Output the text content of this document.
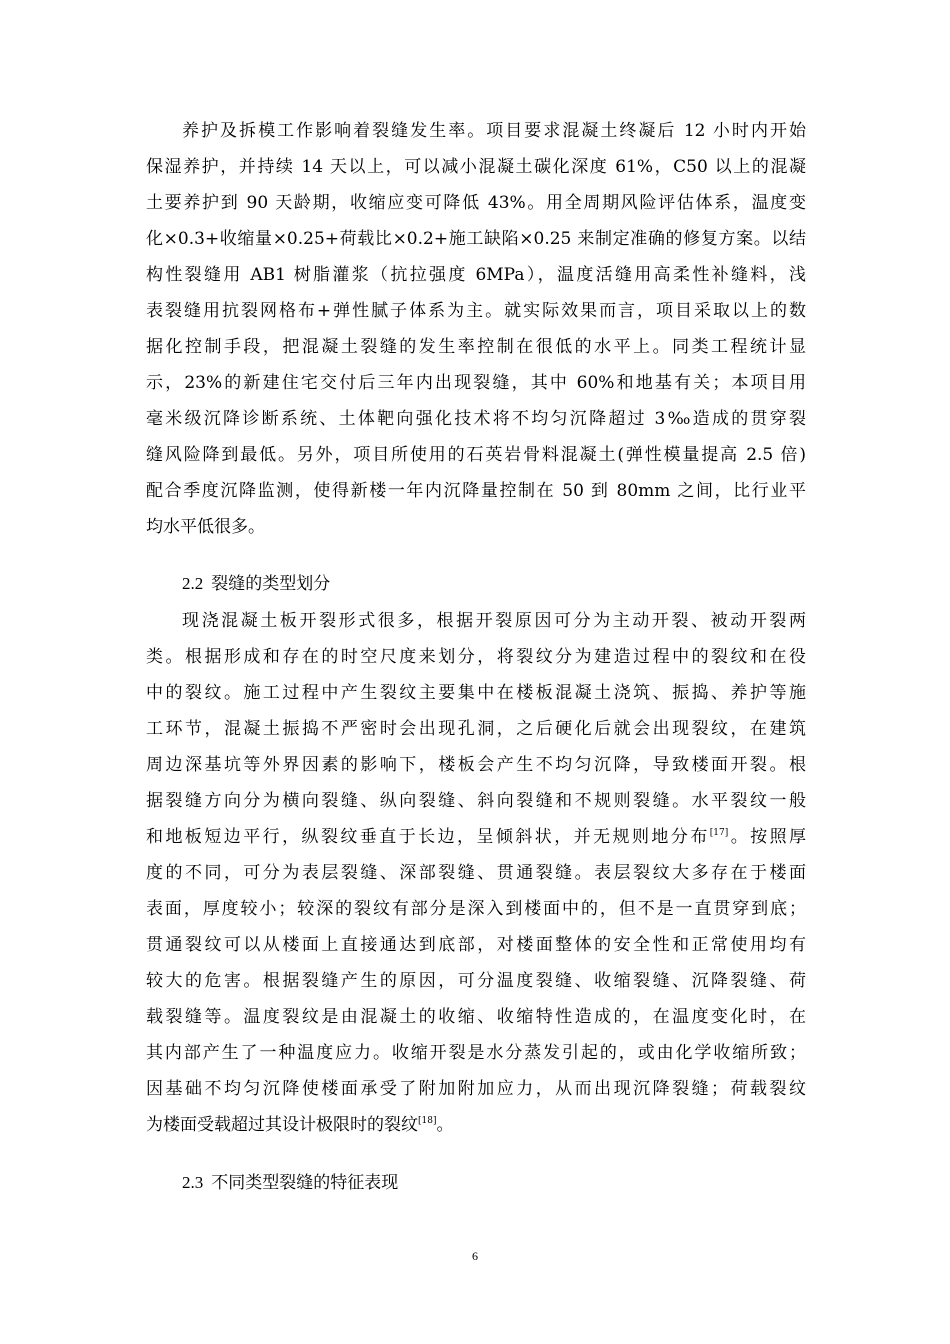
养护及拆模工作影响着裂缝发生率。项目要求混凝土终凝后 12 小时内开始
保湿养护，并持续 14 天以上，可以减小混凝土碳化深度 61%，C50 以上的混凝
土要养护到 90 天龄期，收缩应变可降低 43%。用全周期风险评估体系，温度变
化×0.3+收缩量×0.25+荷载比×0.2+施工缺陷×0.25 来制定准确的修复方案。以结
构性裂缝用 AB1 树脂灌浆（抗拉强度 6MPa），温度活缝用高柔性补缝料，浅
表裂缝用抗裂网格布+弹性腻子体系为主。就实际效果而言，项目采取以上的数
据化控制手段，把混凝土裂缝的发生率控制在很低的水平上。同类工程统计显
示，23%的新建住宅交付后三年内出现裂缝，其中 60%和地基有关；本项目用
毫米级沉降诊断系统、土体靶向强化技术将不均匀沉降超过 3‰造成的贯穿裂
缝风险降到最低。另外，项目所使用的石英岩骨料混凝土(弹性模量提高 2.5 倍)
配合季度沉降监测，使得新楼一年内沉降量控制在 50 到 80mm 之间，比行业平
均水平低很多。
2.2 裂缝的类型划分
现浇混凝土板开裂形式很多，根据开裂原因可分为主动开裂、被动开裂两
类。根据形成和存在的时空尺度来划分，将裂纹分为建造过程中的裂纹和在役
中的裂纹。施工过程中产生裂纹主要集中在楼板混凝土浇筑、振捣、养护等施
工环节，混凝土振捣不严密时会出现孔洞，之后硬化后就会出现裂纹，在建筑
周边深基坑等外界因素的影响下，楼板会产生不均匀沉降，导致楼面开裂。根
据裂缝方向分为横向裂缝、纵向裂缝、斜向裂缝和不规则裂缝。水平裂纹一般
和地板短边平行，纵裂纹垂直于长边，呈倾斜状，并无规则地分布[17]。按照厚
度的不同，可分为表层裂缝、深部裂缝、贯通裂缝。表层裂纹大多存在于楼面
表面，厚度较小；较深的裂纹有部分是深入到楼面中的，但不是一直贯穿到底；
贯通裂纹可以从楼面上直接通达到底部，对楼面整体的安全性和正常使用均有
较大的危害。根据裂缝产生的原因，可分温度裂缝、收缩裂缝、沉降裂缝、荷
载裂缝等。温度裂纹是由混凝土的收缩、收缩特性造成的，在温度变化时，在
其内部产生了一种温度应力。收缩开裂是水分蒸发引起的，或由化学收缩所致；
因基础不均匀沉降使楼面承受了附加附加应力，从而出现沉降裂缝；荷载裂纹
为楼面受载超过其设计极限时的裂纹[18]。
2.3 不同类型裂缝的特征表现
6
